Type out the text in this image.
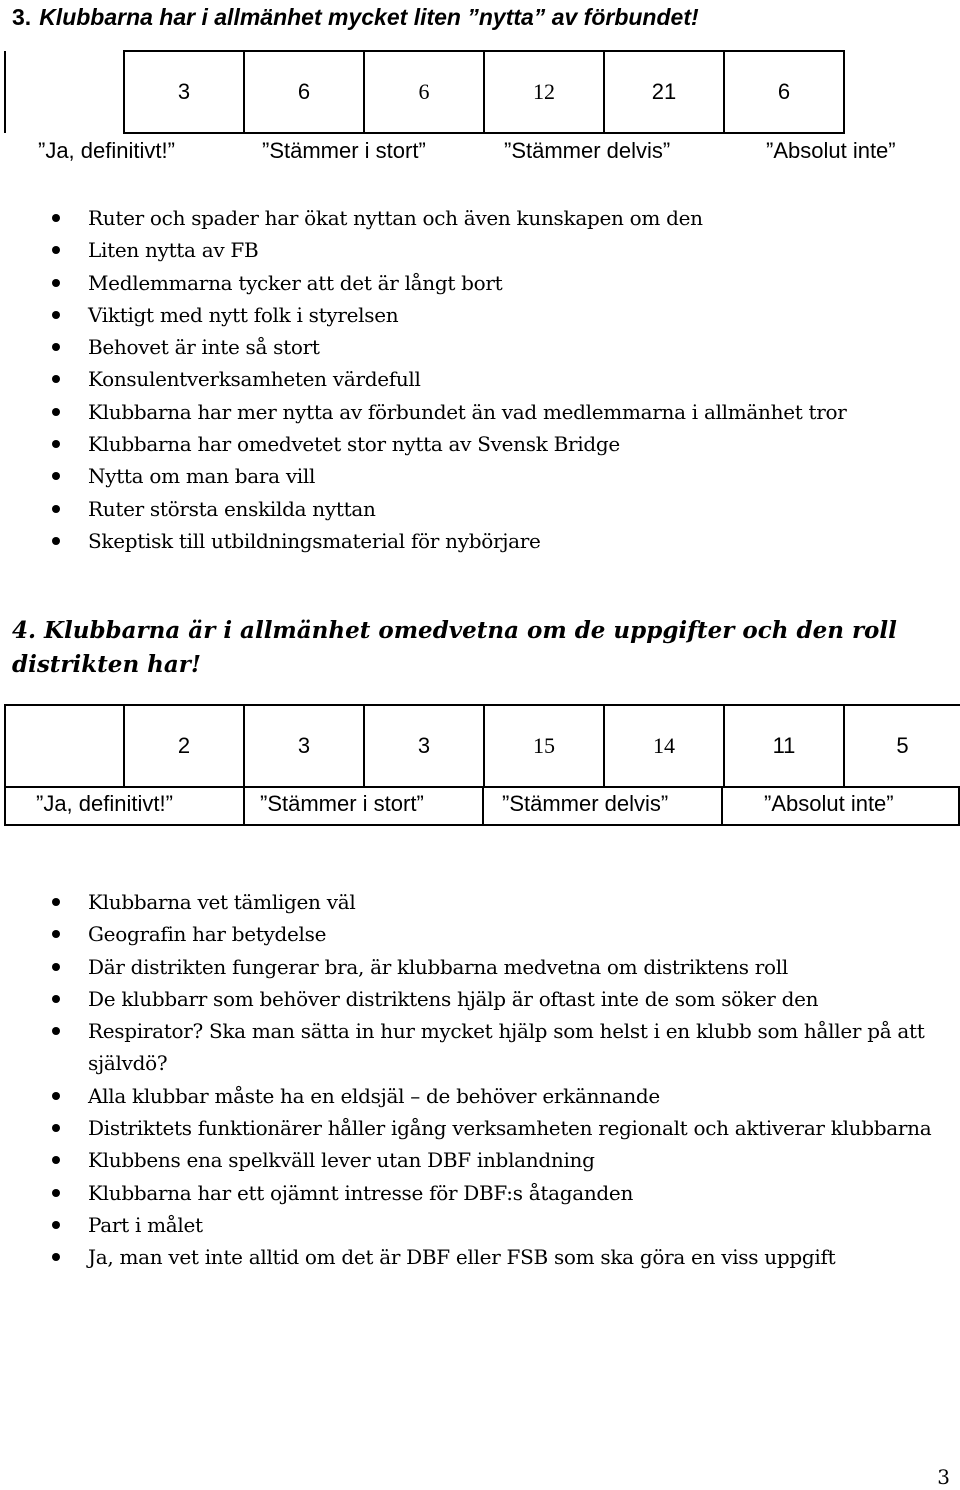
3. Klubbarna har i allmänhet mycket liten ”nytta” av förbundet!
	3	6	6	12	21	6	
”Ja, definitivt!”	”Stämmer i stort”	”Stämmer delvis”	”Absolut inte”
Ruter och spader har ökat nyttan och även kunskapen om den
Liten nytta av FB
Medlemmarna tycker att det är långt bort
Viktigt med nytt folk i styrelsen
Behovet är inte så stort
Konsulentverksamheten värdefull
Klubbarna har mer nytta av förbundet än vad medlemmarna i allmänhet tror
Klubbarna har omedvetet stor nytta av Svensk Bridge
Nytta om man bara vill
Ruter största enskilda nyttan
Skeptisk till utbildningsmaterial för nybörjare
4. Klubbarna är i allmänhet omedvetna om de uppgifter och den roll
distrikten har!
	2	3	3	15	14	11	5
”Ja, definitivt!”	”Stämmer i stort”	”Stämmer delvis”	”Absolut inte”
Klubbarna vet tämligen väl
Geografin har betydelse
Där distrikten fungerar bra, är klubbarna medvetna om distriktens roll
De klubbarr som behöver distriktens hjälp är oftast inte de som söker den
Respirator? Ska man sätta in hur mycket hjälp som helst i en klubb som håller på att självdö?
Alla klubbar måste ha en eldsjäl – de behöver erkännande
Distriktets funktionärer håller igång verksamheten regionalt och aktiverar klubbarna
Klubbens ena spelkväll lever utan DBF inblandning
Klubbarna har ett ojämnt intresse för DBF:s åtaganden
Part i målet
Ja, man vet inte alltid om det är DBF eller FSB som ska göra en viss uppgift
3
